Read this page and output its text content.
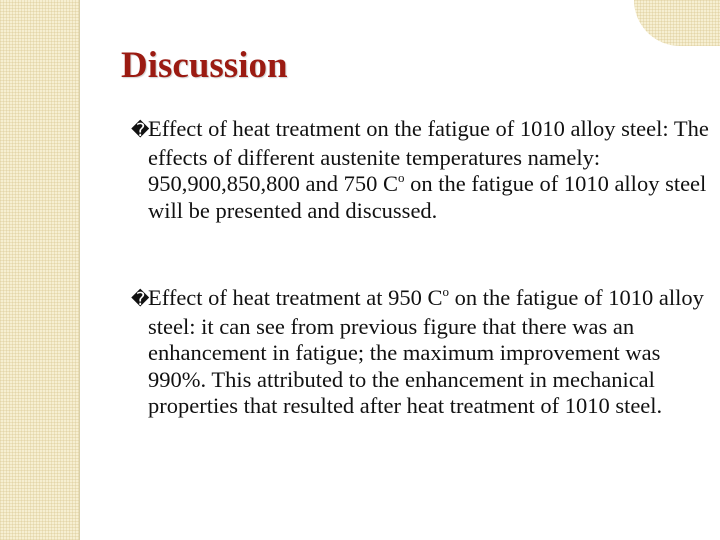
Discussion
�Effect of heat treatment on the fatigue of 1010 alloy steel: The effects of different austenite temperatures namely: 950,900,850,800 and 750 $C^o$ on the fatigue of 1010 alloy steel will be presented and discussed.
�Effect of heat treatment at 950 $C^o$ on the fatigue of 1010 alloy steel: it can see from previous figure that there was an enhancement in fatigue; the maximum improvement was 990%. This attributed to the enhancement in mechanical properties that resulted after heat treatment of 1010 steel.
